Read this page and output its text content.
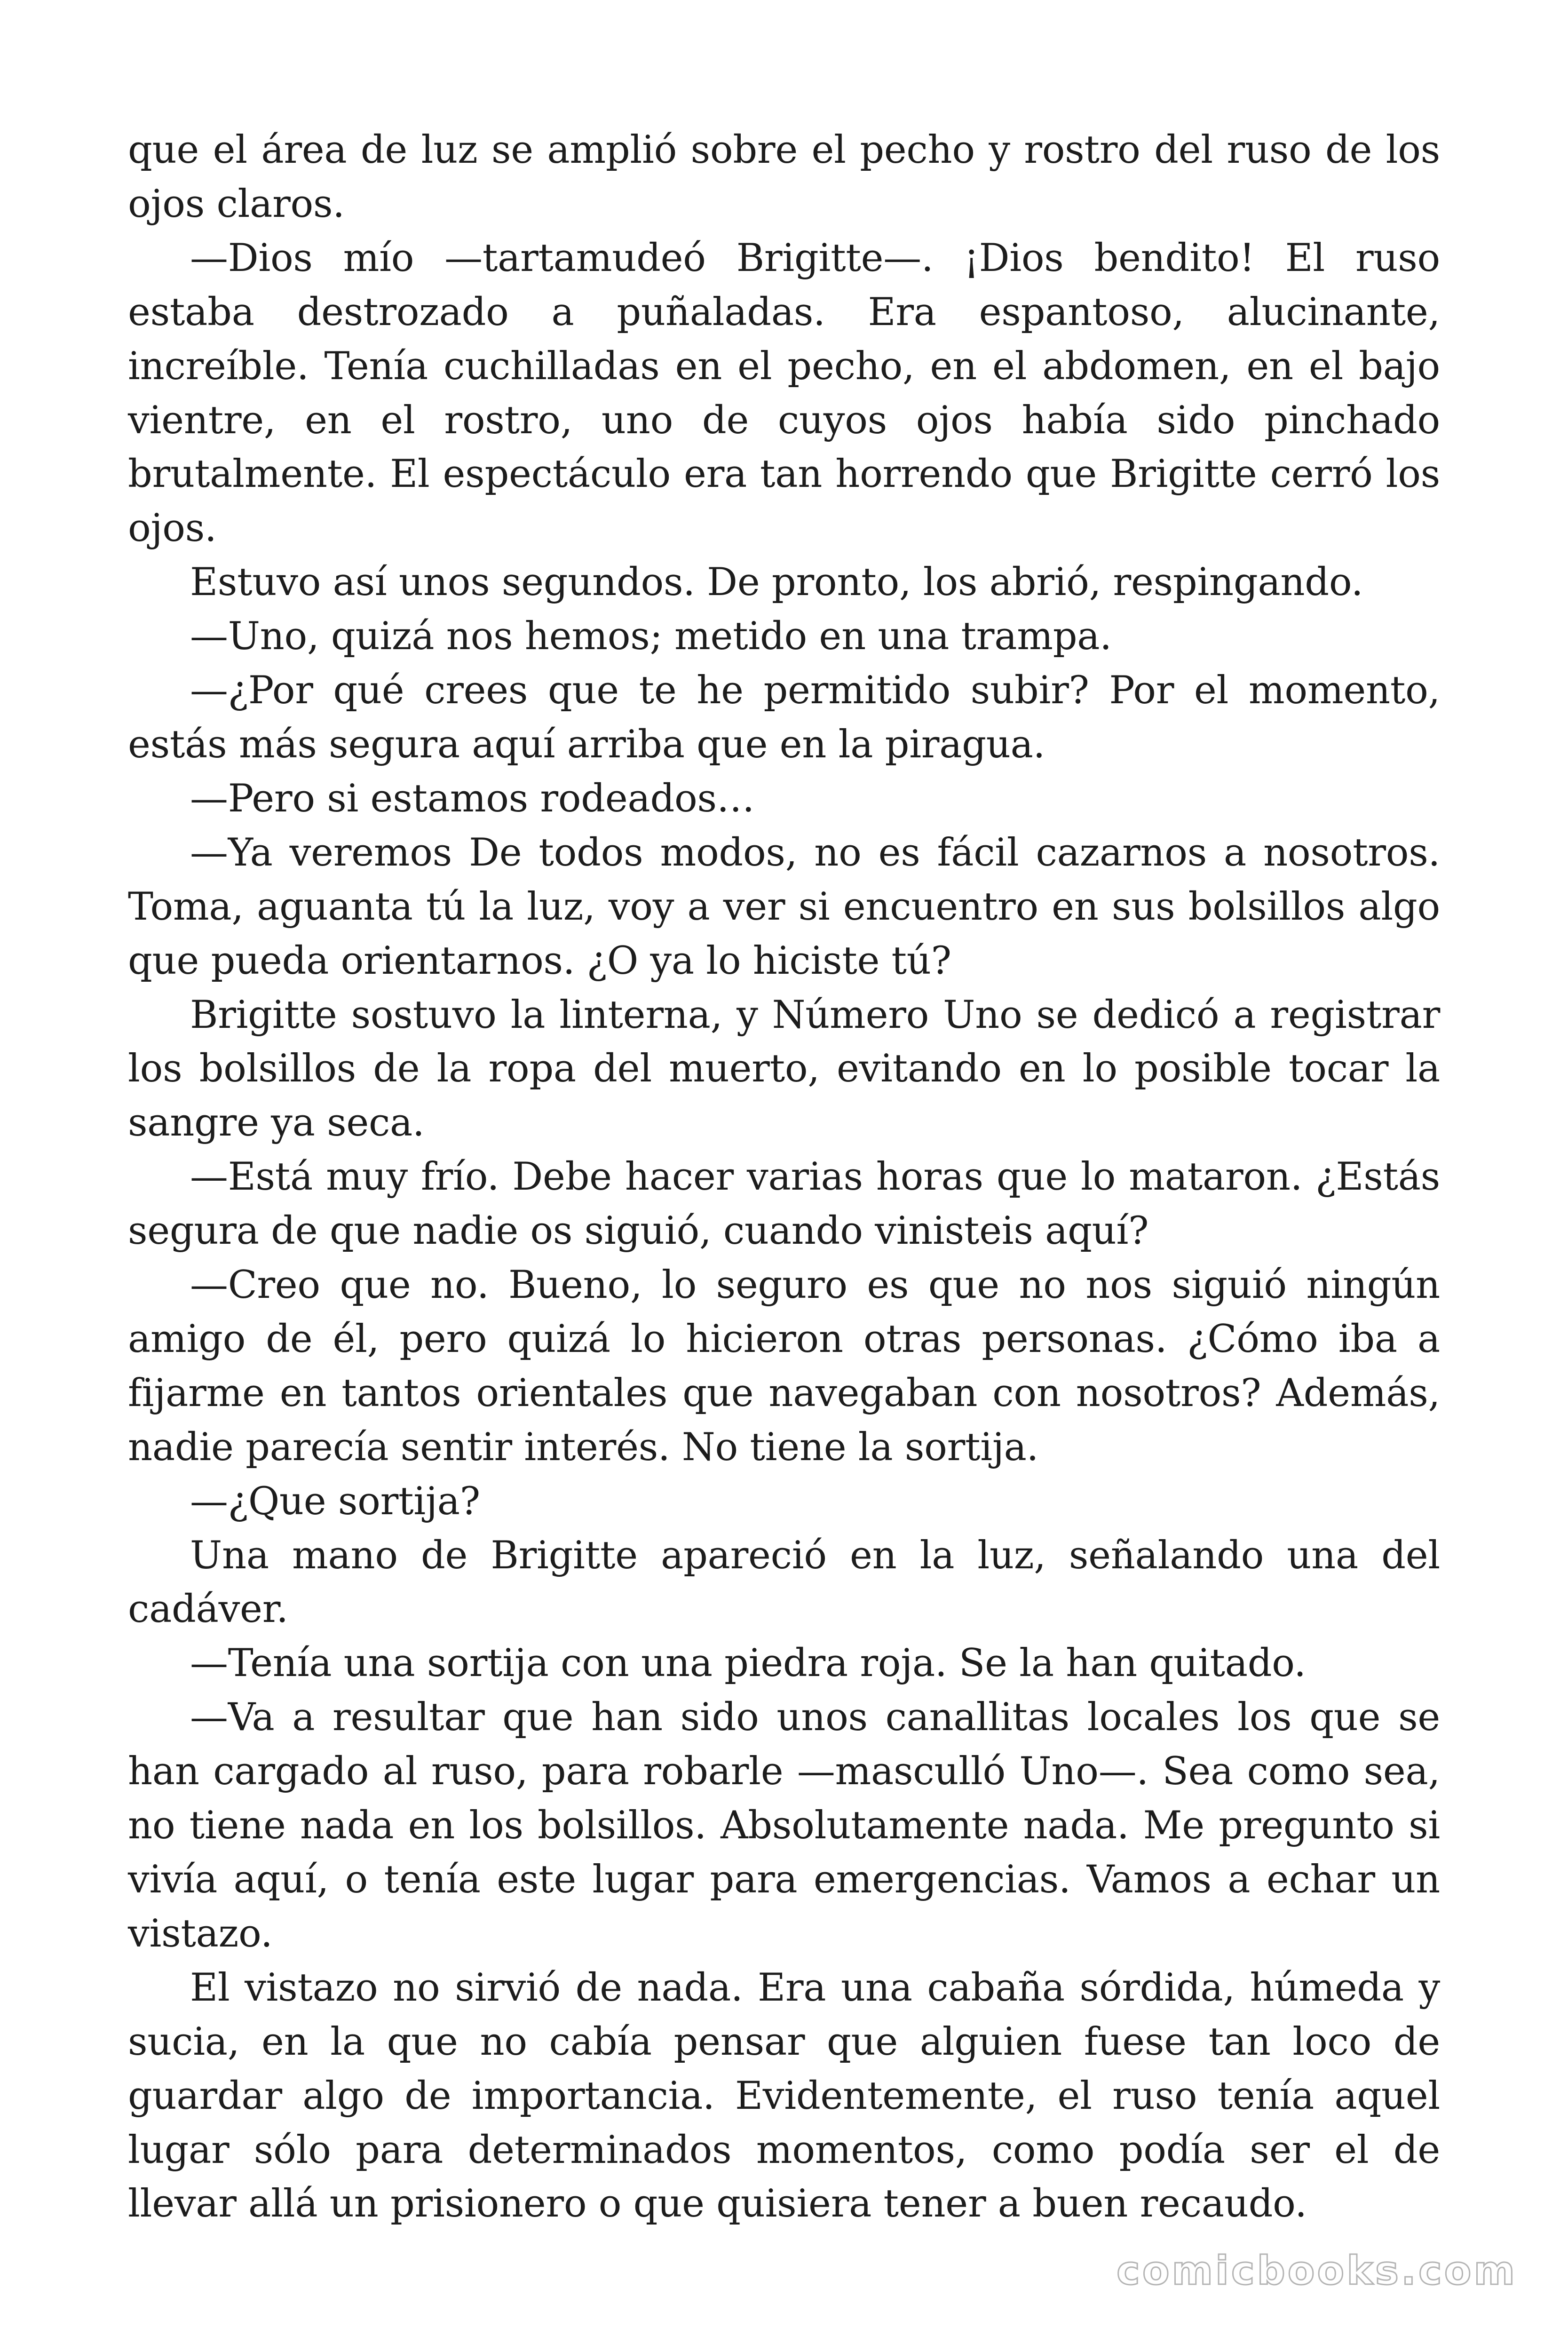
que el área de luz se amplió sobre el pecho y rostro del ruso de los ojos claros.

—Dios mío —tartamudeó Brigitte—. ¡Dios bendito! El ruso estaba destrozado a puñaladas. Era espantoso, alucinante, increíble. Tenía cuchilladas en el pecho, en el abdomen, en el bajo vientre, en el rostro, uno de cuyos ojos había sido pinchado brutalmente. El espectáculo era tan horrendo que Brigitte cerró los ojos.

Estuvo así unos segundos. De pronto, los abrió, respingando.

—Uno, quizá nos hemos; metido en una trampa.

—¿Por qué crees que te he permitido subir? Por el momento, estás más segura aquí arriba que en la piragua.

—Pero si estamos rodeados…

—Ya veremos De todos modos, no es fácil cazarnos a nosotros. Toma, aguanta tú la luz, voy a ver si encuentro en sus bolsillos algo que pueda orientarnos. ¿O ya lo hiciste tú?

Brigitte sostuvo la linterna, y Número Uno se dedicó a registrar los bolsillos de la ropa del muerto, evitando en lo posible tocar la sangre ya seca.

—Está muy frío. Debe hacer varias horas que lo mataron. ¿Estás segura de que nadie os siguió, cuando vinisteis aquí?

—Creo que no. Bueno, lo seguro es que no nos siguió ningún amigo de él, pero quizá lo hicieron otras personas. ¿Cómo iba a fijarme en tantos orientales que navegaban con nosotros? Además, nadie parecía sentir interés. No tiene la sortija.

—¿Que sortija?

Una mano de Brigitte apareció en la luz, señalando una del cadáver.

—Tenía una sortija con una piedra roja. Se la han quitado.

—Va a resultar que han sido unos canallitas locales los que se han cargado al ruso, para robarle —masculló Uno—. Sea como sea, no tiene nada en los bolsillos. Absolutamente nada. Me pregunto si vivía aquí, o tenía este lugar para emergencias. Vamos a echar un vistazo.

El vistazo no sirvió de nada. Era una cabaña sórdida, húmeda y sucia, en la que no cabía pensar que alguien fuese tan loco de guardar algo de importancia. Evidentemente, el ruso tenía aquel lugar sólo para determinados momentos, como podía ser el de llevar allá un prisionero o que quisiera tener a buen recaudo.

comicbooks.com
